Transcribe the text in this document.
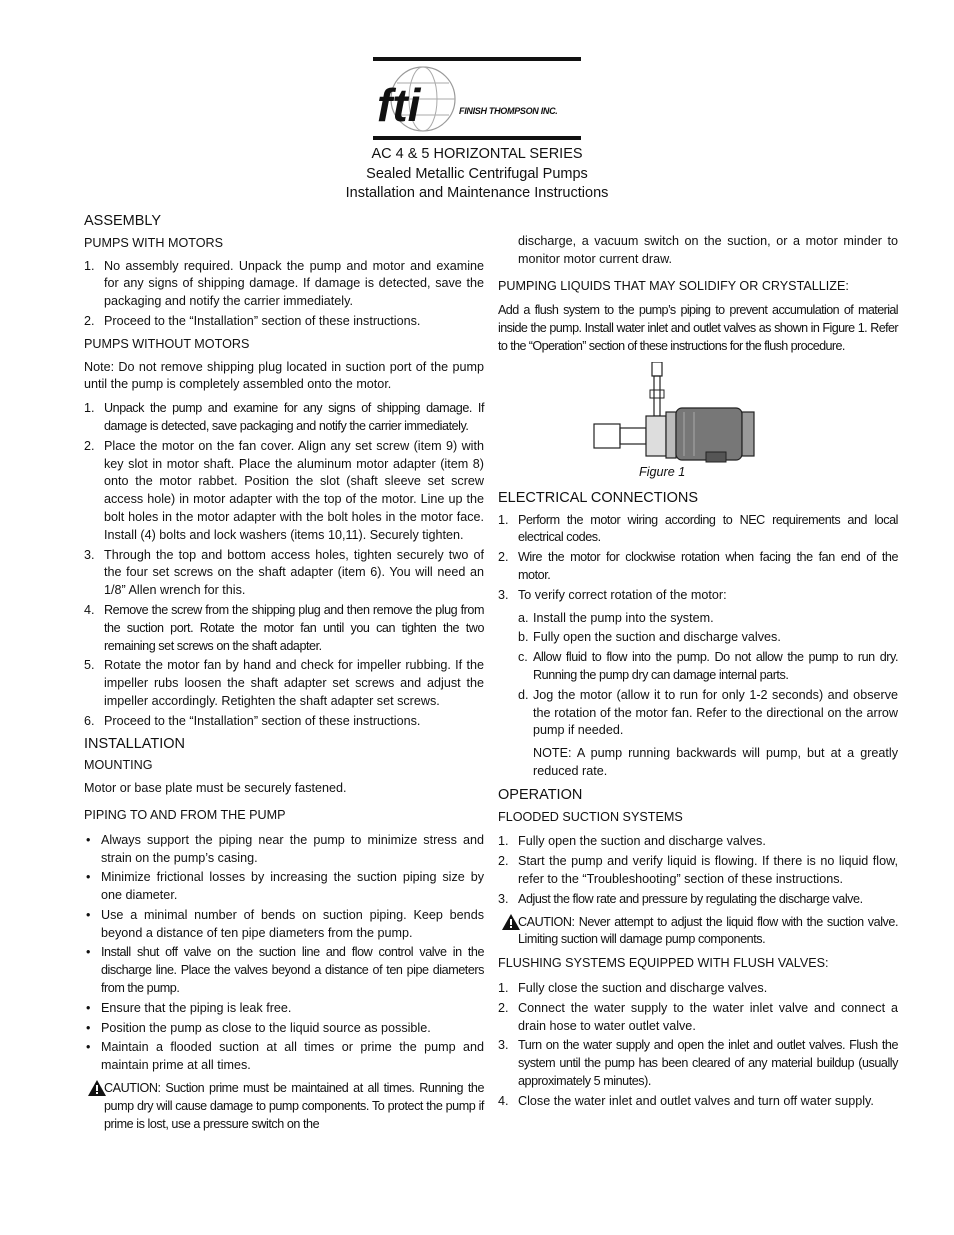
fti	FINISH THOMPSON INC.
AC 4 & 5 HORIZONTAL SERIES
Sealed Metallic Centrifugal Pumps
Installation and Maintenance Instructions
ASSEMBLY
PUMPS WITH MOTORS
1. No assembly required. Unpack the pump and motor and examine for any signs of shipping damage. If damage is detected, save the packaging and notify the carrier immediately.
2. Proceed to the “Installation” section of these instructions.
PUMPS WITHOUT MOTORS

Note: Do not remove shipping plug located in suction port of the pump until the pump is completely assembled onto the motor.

1. Unpack the pump and examine for any signs of shipping damage. If damage is detected, save packaging and notify the carrier immediately.
2. Place the motor on the fan cover. Align any set screw (item 9) with key slot in motor shaft. Place the aluminum motor adapter (item 8) onto the motor rabbet. Position the slot (shaft sleeve set screw access hole) in motor adapter with the top of the motor. Line up the bolt holes in the motor adapter with the bolt holes in the motor face. Install (4) bolts and lock washers (items 10,11). Securely tighten.
3. Through the top and bottom access holes, tighten securely two of the four set screws on the shaft adapter (item 6). You will need an 1/8” Allen wrench for this.
4. Remove the screw from the shipping plug and then remove the plug from the suction port. Rotate the motor fan until you can tighten the two remaining set screws on the shaft adapter.
5. Rotate the motor fan by hand and check for impeller rubbing. If the impeller rubs loosen the shaft adapter set screws and adjust the impeller accordingly. Retighten the shaft adapter set screws.
6. Proceed to the “Installation” section of these instructions.
INSTALLATION
MOUNTING

Motor or base plate must be securely fastened.

PIPING TO AND FROM THE PUMP
• Always support the piping near the pump to minimize stress and strain on the pump’s casing.
• Minimize frictional losses by increasing the suction piping size by one diameter.
• Use a minimal number of bends on suction piping. Keep bends beyond a distance of ten pipe diameters from the pump.
• Install shut off valve on the suction line and flow control valve in the discharge line. Place the valves beyond a distance of ten pipe diameters from the pump.
• Ensure that the piping is leak free.
• Position the pump as close to the liquid source as possible.
• Maintain a flooded suction at all times or prime the pump and maintain prime at all times.
CAUTION: Suction prime must be maintained at all times. Running the pump dry will cause damage to pump components. To protect the pump if prime is lost, use a pressure switch on the

discharge, a vacuum switch on the suction, or a motor minder to monitor motor current draw.

PUMPING LIQUIDS THAT MAY SOLIDIFY OR CRYSTALLIZE:

Add a flush system to the pump’s piping to prevent accumulation of material inside the pump. Install water inlet and outlet valves as shown in Figure 1. Refer to the “Operation” section of these instructions for the flush procedure.

Figure 1
ELECTRICAL CONNECTIONS
1. Perform the motor wiring according to NEC requirements and local electrical codes.
2. Wire the motor for clockwise rotation when facing the fan end of the motor.
3. To verify correct rotation of the motor:
a. Install the pump into the system.
b. Fully open the suction and discharge valves.
c. Allow fluid to flow into the pump. Do not allow the pump to run dry. Running the pump dry can damage internal parts.
d. Jog the motor (allow it to run for only 1-2 seconds) and observe the rotation of the motor fan. Refer to the directional on the arrow pump if needed.

NOTE: A pump running backwards will pump, but at a greatly reduced rate.

OPERATION
FLOODED SUCTION SYSTEMS
1. Fully open the suction and discharge valves.
2. Start the pump and verify liquid is flowing. If there is no liquid flow, refer to the “Troubleshooting” section of these instructions.
3. Adjust the flow rate and pressure by regulating the discharge valve.
CAUTION: Never attempt to adjust the liquid flow with the suction valve. Limiting suction will damage pump components.
FLUSHING SYSTEMS EQUIPPED WITH FLUSH VALVES:
1. Fully close the suction and discharge valves.
2. Connect the water supply to the water inlet valve and connect a drain hose to water outlet valve.
3. Turn on the water supply and open the inlet and outlet valves. Flush the system until the pump has been cleared of any material buildup (usually approximately 5 minutes).
4. Close the water inlet and outlet valves and turn off water supply.
